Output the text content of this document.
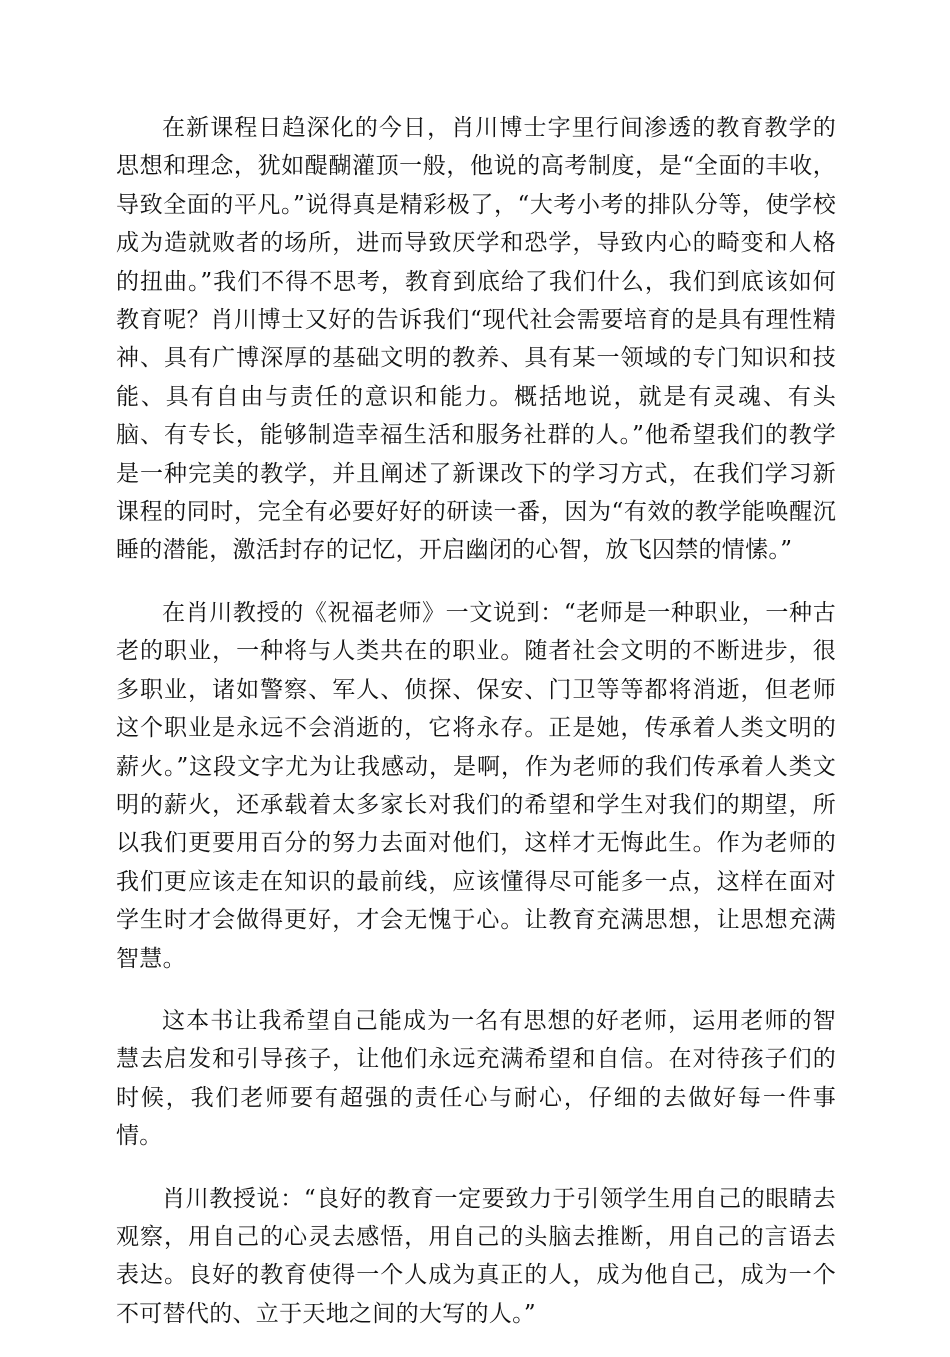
在新课程日趋深化的今日，肖川博士字里行间渗透的教育教学的思想和理念，犹如醍醐灌顶一般，他说的高考制度，是“全面的丰收，导致全面的平凡。”说得真是精彩极了，“大考小考的排队分等，使学校成为造就败者的场所，进而导致厌学和恐学，导致内心的畸变和人格的扭曲。”我们不得不思考，教育到底给了我们什么，我们到底该如何教育呢？肖川博士又好的告诉我们“现代社会需要培育的是具有理性精神、具有广博深厚的基础文明的教养、具有某一领域的专门知识和技能、具有自由与责任的意识和能力。概括地说，就是有灵魂、有头脑、有专长，能够制造幸福生活和服务社群的人。”他希望我们的教学是一种完美的教学，并且阐述了新课改下的学习方式，在我们学习新课程的同时，完全有必要好好的研读一番，因为“有效的教学能唤醒沉睡的潜能，激活封存的记忆，开启幽闭的心智，放飞囚禁的情愫。”

在肖川教授的《祝福老师》一文说到：“老师是一种职业，一种古老的职业，一种将与人类共在的职业。随者社会文明的不断进步，很多职业，诸如警察、军人、侦探、保安、门卫等等都将消逝，但老师这个职业是永远不会消逝的，它将永存。正是她，传承着人类文明的薪火。”这段文字尤为让我感动，是啊，作为老师的我们传承着人类文明的薪火，还承载着太多家长对我们的希望和学生对我们的期望，所以我们更要用百分的努力去面对他们，这样才无悔此生。作为老师的我们更应该走在知识的最前线，应该懂得尽可能多一点，这样在面对学生时才会做得更好，才会无愧于心。让教育充满思想，让思想充满智慧。

这本书让我希望自己能成为一名有思想的好老师，运用老师的智慧去启发和引导孩子，让他们永远充满希望和自信。在对待孩子们的时候，我们老师要有超强的责任心与耐心，仔细的去做好每一件事情。

肖川教授说：“良好的教育一定要致力于引领学生用自己的眼睛去观察，用自己的心灵去感悟，用自己的头脑去推断，用自己的言语去表达。良好的教育使得一个人成为真正的人，成为他自己，成为一个不可替代的、立于天地之间的大写的人。”
